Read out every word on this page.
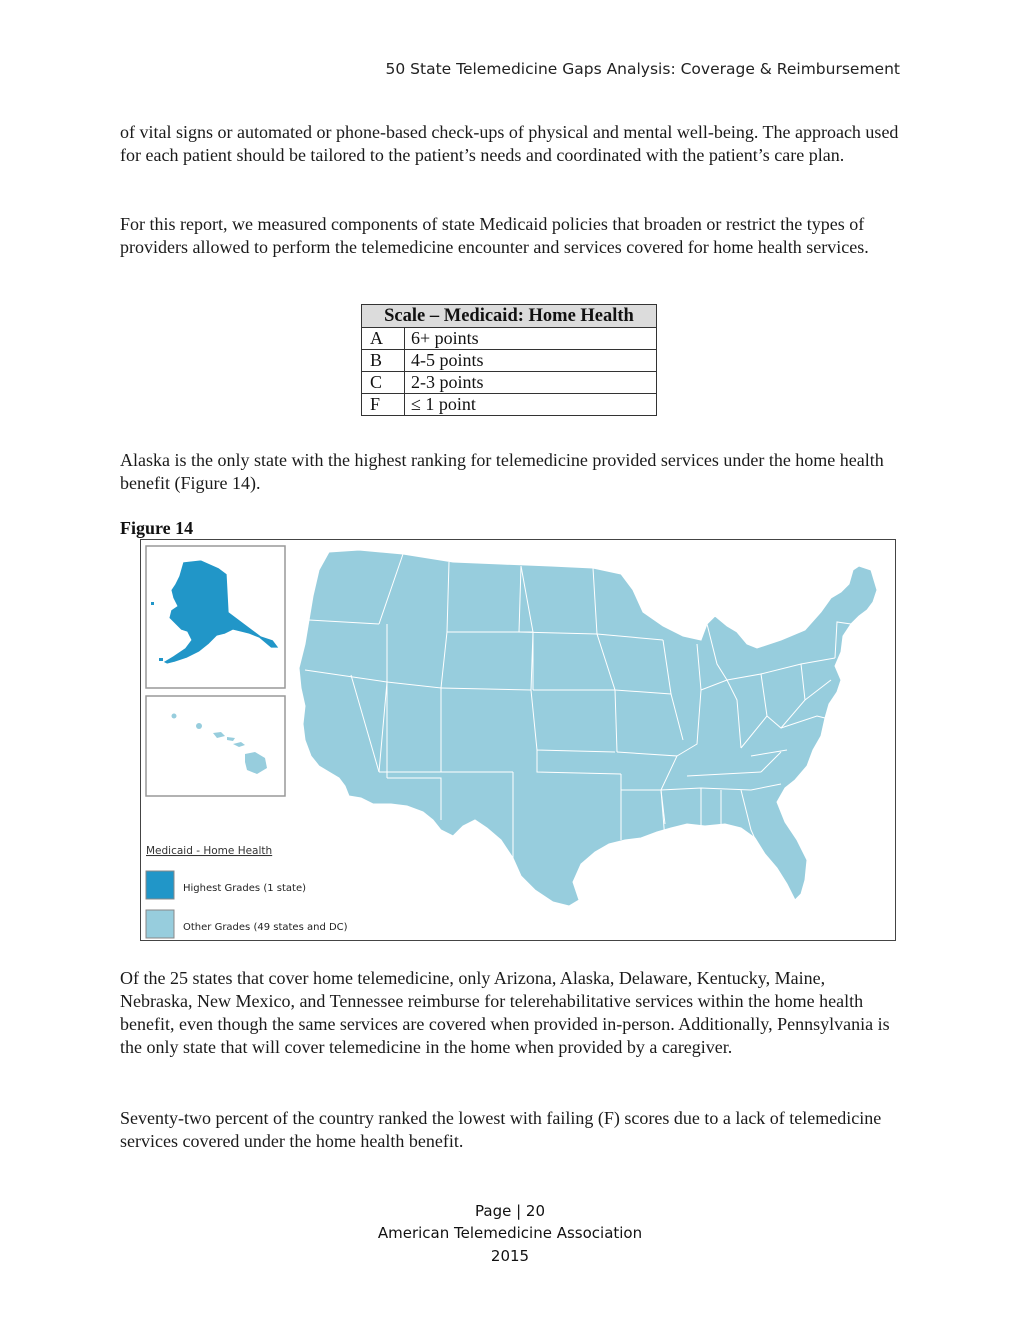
50 State Telemedicine Gaps Analysis: Coverage & Reimbursement

of vital signs or automated or phone-based check-ups of physical and mental well-being. The approach used for each patient should be tailored to the patient’s needs and coordinated with the patient’s care plan.

For this report, we measured components of state Medicaid policies that broaden or restrict the types of providers allowed to perform the telemedicine encounter and services covered for home health services.

Scale – Medicaid: Home Health	
A	6+ points
B	4-5 points
C	2-3 points
F	≤ 1 point

Alaska is the only state with the highest ranking for telemedicine provided services under the home health benefit (Figure 14).

Figure 14
Medicaid - Home Health
Highest Grades (1 state)
Other Grades (49 states and DC)

Of the 25 states that cover home telemedicine, only Arizona, Alaska, Delaware, Kentucky, Maine, Nebraska, New Mexico, and Tennessee reimburse for telerehabilitative services within the home health benefit, even though the same services are covered when provided in-person. Additionally, Pennsylvania is the only state that will cover telemedicine in the home when provided by a caregiver.

Seventy-two percent of the country ranked the lowest with failing (F) scores due to a lack of telemedicine services covered under the home health benefit.

Page | 20
American Telemedicine Association
2015
